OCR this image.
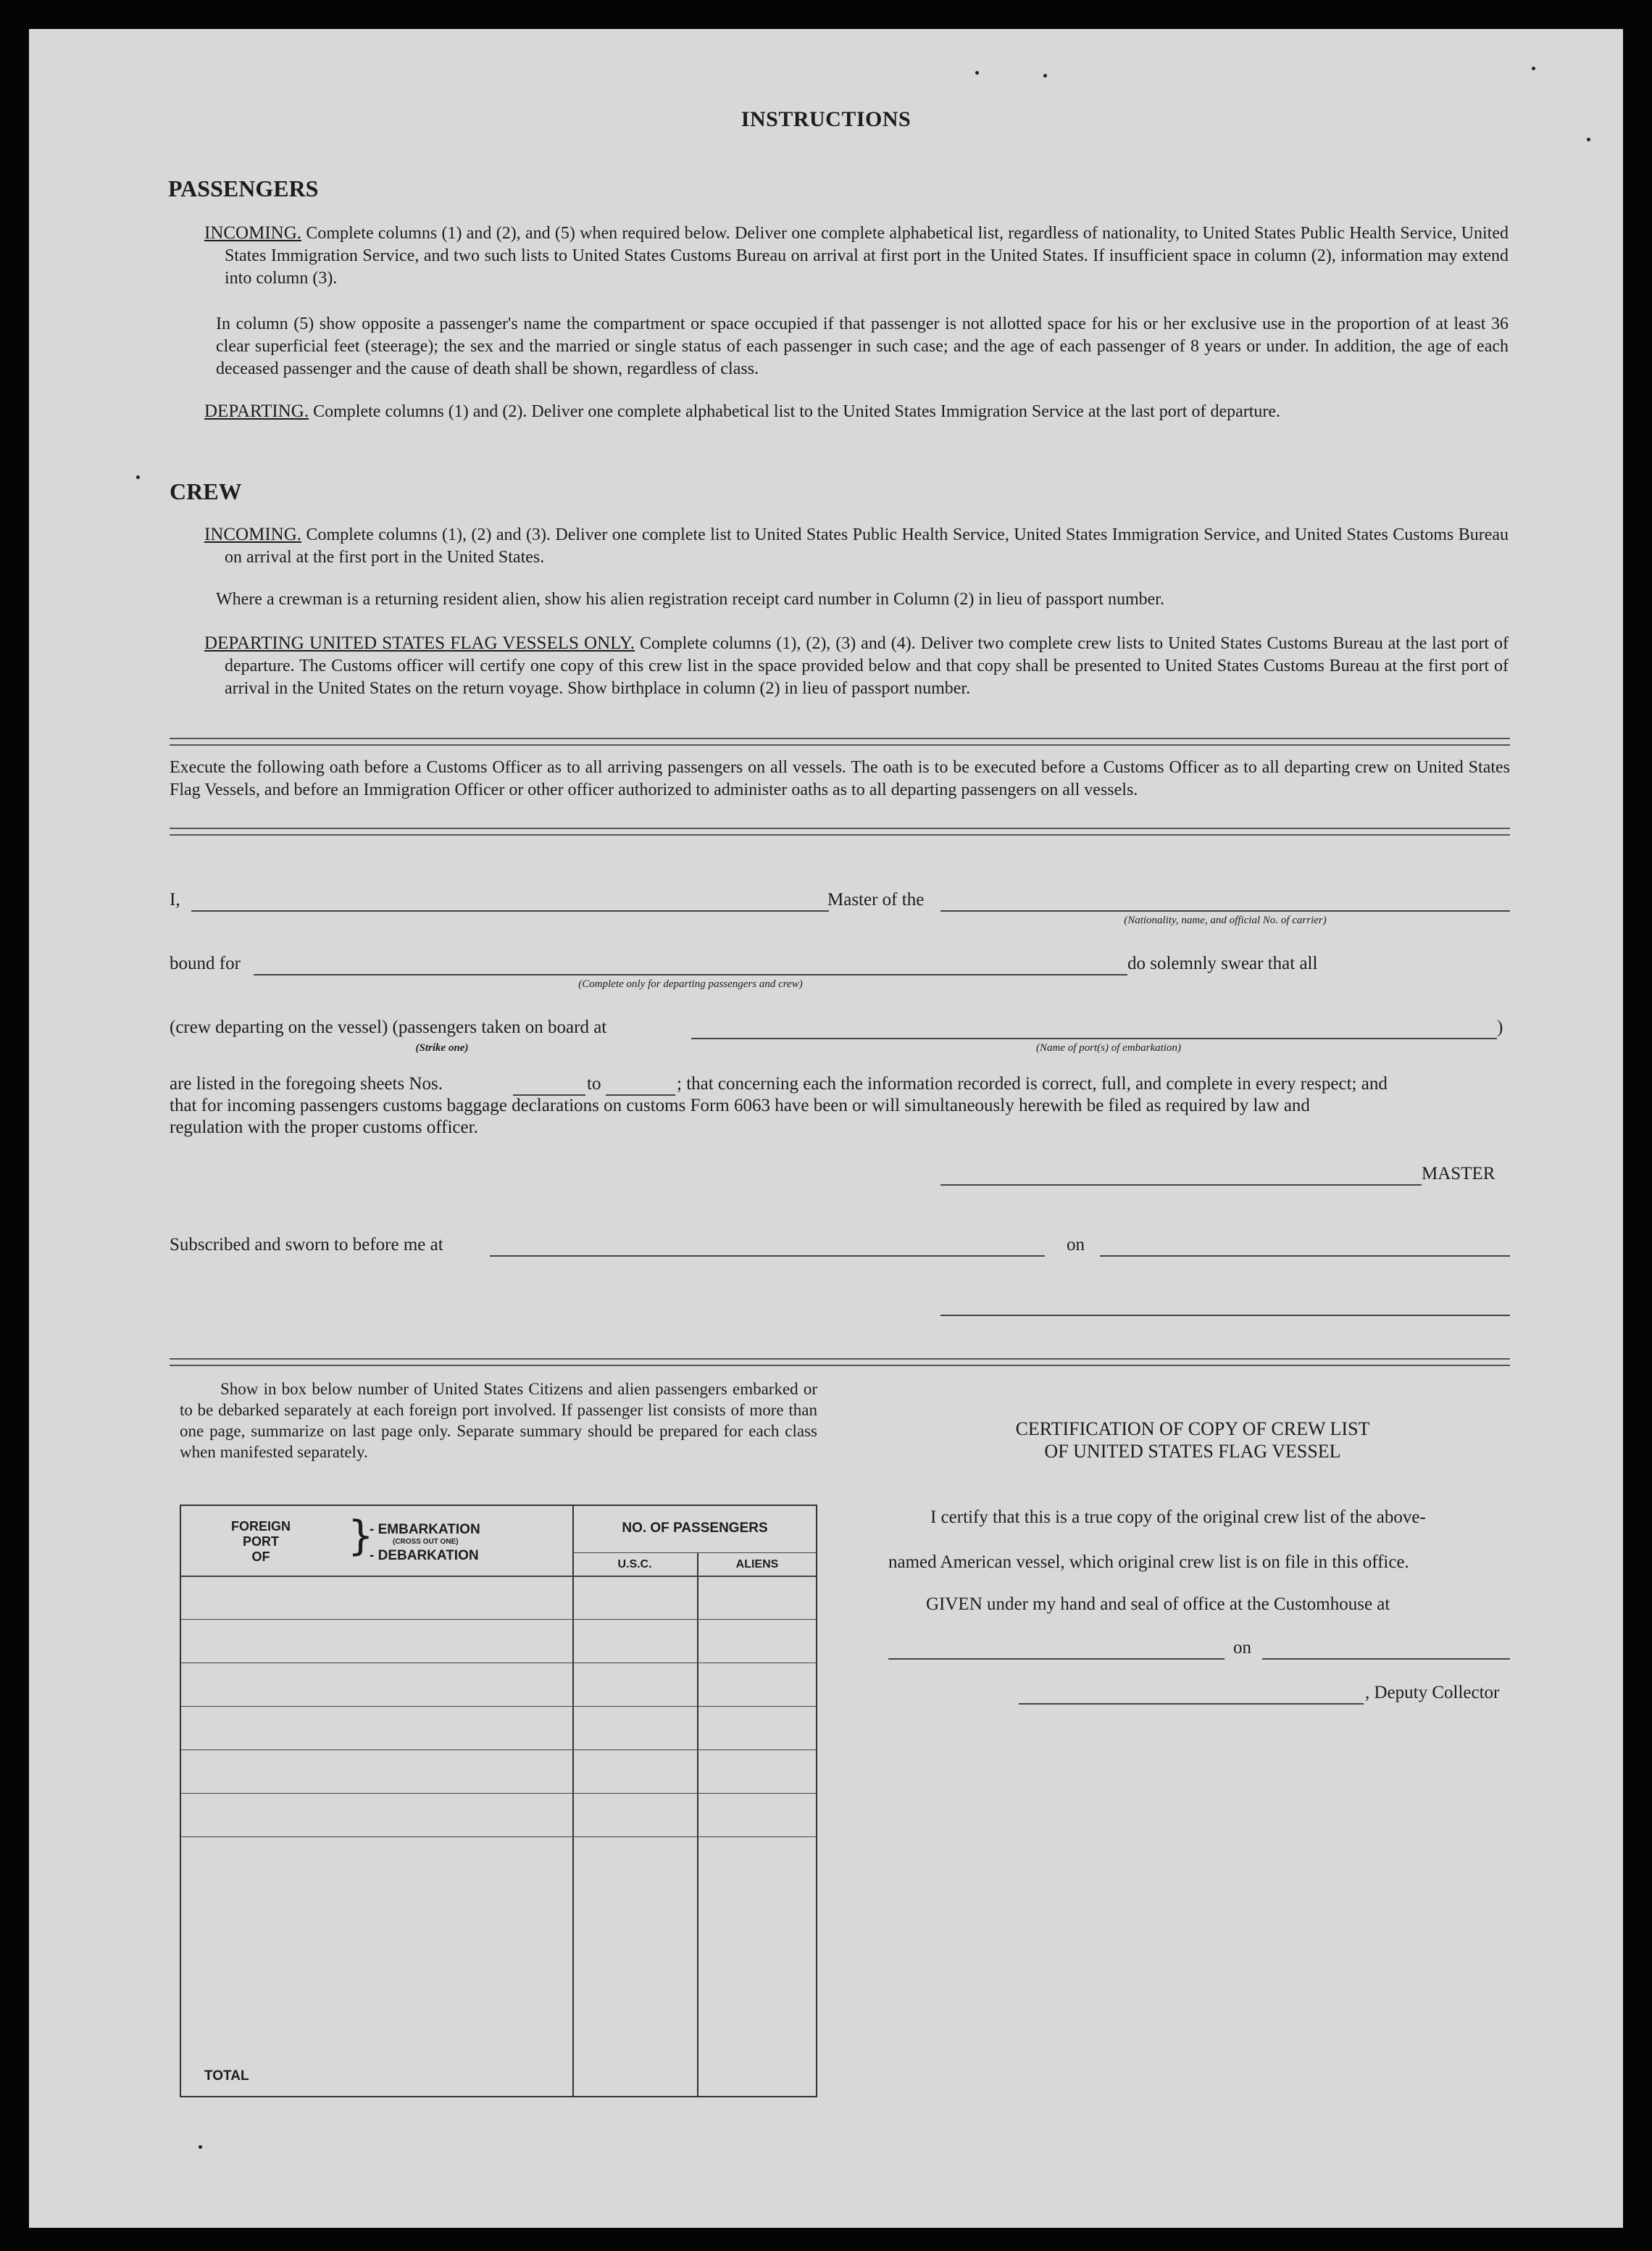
INSTRUCTIONS
PASSENGERS
INCOMING. Complete columns (1) and (2), and (5) when required below. Deliver one complete alphabetical list, regardless of nationality, to United States Public Health Service, United States Immigration Service, and two such lists to United States Customs Bureau on arrival at first port in the United States. If insufficient space in column (2), information may extend into column (3).
In column (5) show opposite a passenger's name the compartment or space occupied if that passenger is not allotted space for his or her exclusive use in the proportion of at least 36 clear superficial feet (steerage); the sex and the married or single status of each passenger in such case; and the age of each passenger of 8 years or under. In addition, the age of each deceased passenger and the cause of death shall be shown, regardless of class.
DEPARTING. Complete columns (1) and (2). Deliver one complete alphabetical list to the United States Immigration Service at the last port of departure.
CREW
INCOMING. Complete columns (1), (2) and (3). Deliver one complete list to United States Public Health Service, United States Immigration Service, and United States Customs Bureau on arrival at the first port in the United States.
Where a crewman is a returning resident alien, show his alien registration receipt card number in Column (2) in lieu of passport number.
DEPARTING UNITED STATES FLAG VESSELS ONLY. Complete columns (1), (2), (3) and (4). Deliver two complete crew lists to United States Customs Bureau at the last port of departure. The Customs officer will certify one copy of this crew list in the space provided below and that copy shall be presented to United States Customs Bureau at the first port of arrival in the United States on the return voyage. Show birthplace in column (2) in lieu of passport number.
Execute the following oath before a Customs Officer as to all arriving passengers on all vessels. The oath is to be executed before a Customs Officer as to all departing crew on United States Flag Vessels, and before an Immigration Officer or other officer authorized to administer oaths as to all departing passengers on all vessels.
I,	Master of the
(Nationality, name, and official No. of carrier)
bound for
(Complete only for departing passengers and crew)
do solemnly swear that all
(crew departing on the vessel) (passengers taken on board at	)
(Strike one)	(Name of port(s) of embarkation)
are listed in the foregoing sheets Nos.	to	; that concerning each the information recorded is correct, full, and complete in every respect; and
that for incoming passengers customs baggage declarations on customs Form 6063 have been or will simultaneously herewith be filed as required by law and
regulation with the proper customs officer.
MASTER
Subscribed and sworn to before me at	on
Show in box below number of United States Citizens and alien passengers embarked or to be debarked separately at each foreign port involved. If passenger list consists of more than one page, summarize on last page only. Separate summary should be prepared for each class when manifested separately.
FOREIGN
PORT
OF	}
- EMBARKATION
(CROSS OUT ONE)
- DEBARKATION
NO. OF PASSENGERS
U.S.C.	ALIENS
TOTAL
CERTIFICATION OF COPY OF CREW LIST
OF UNITED STATES FLAG VESSEL
I certify that this is a true copy of the original crew list of the above-
named American vessel, which original crew list is on file in this office.
GIVEN under my hand and seal of office at the Customhouse at
on
, Deputy Collector
